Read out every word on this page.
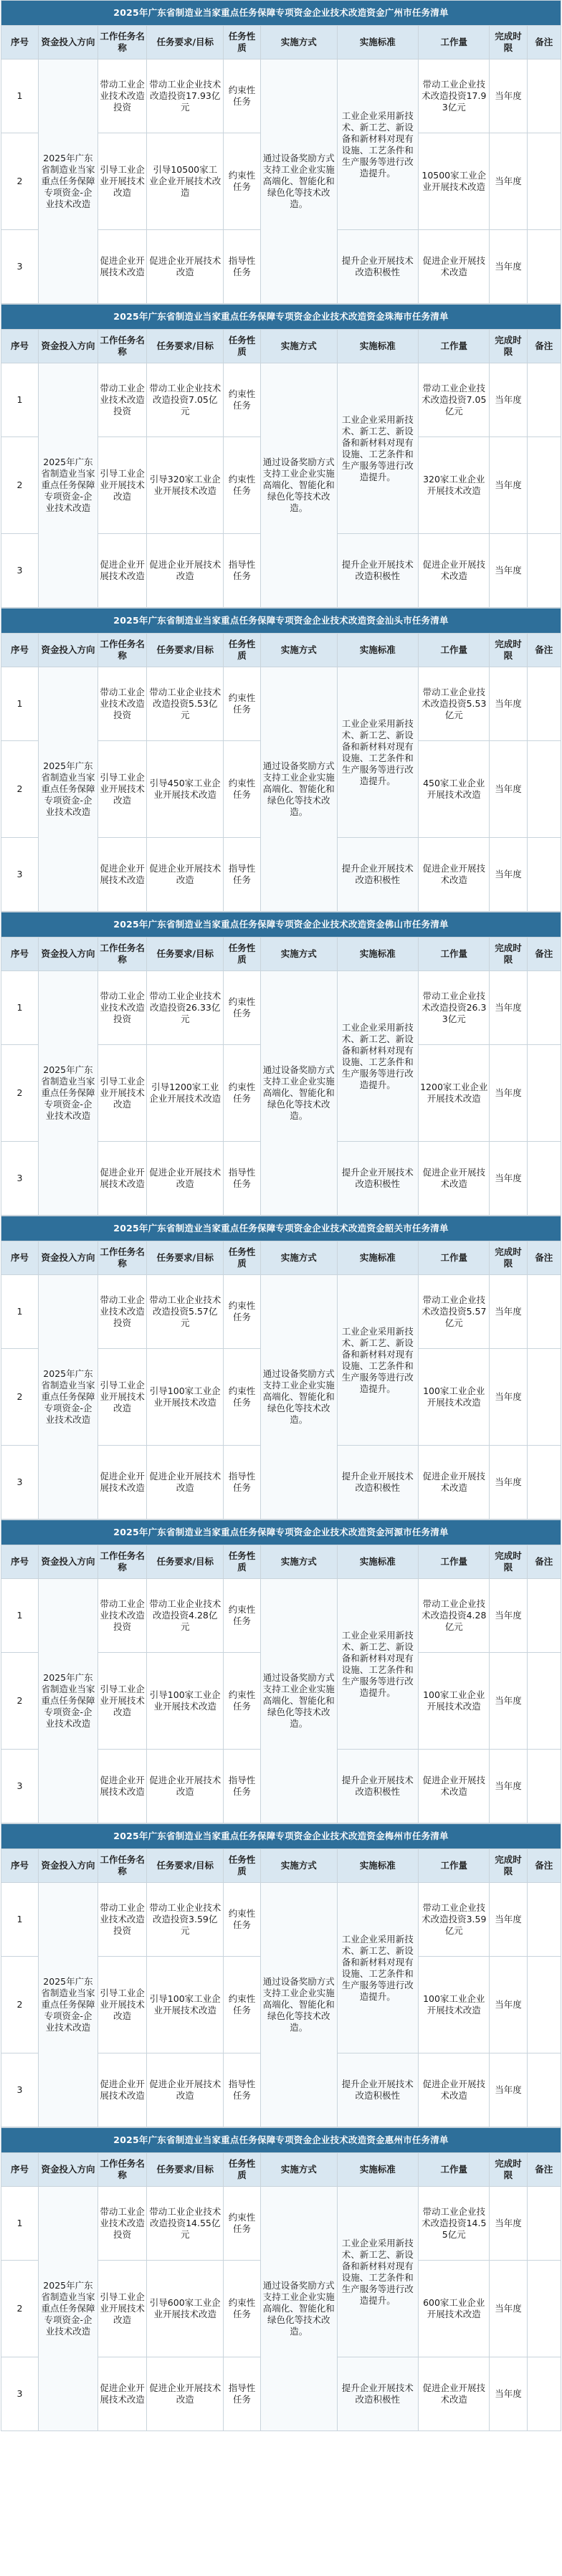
2025年广东省制造业当家重点任务保障专项资金企业技术改造资金广州市任务清单									
序号	资金投入方向	工作任务名称	任务要求/目标	任务性质	实施方式	实施标准	工作量	完成时限	备注
1	2025年广东省制造业当家重点任务保障专项资金-企业技术改造	带动工业企业技术改造投资	带动工业企业技术改造投资17.93亿元	约束性任务	通过设备奖励方式支持工业企业实施高端化、智能化和绿色化等技术改造。	工业企业采用新技术、新工艺、新设备和新材料对现有设施、工艺条件和生产服务等进行改造提升。	带动工业企业技术改造投资17.93亿元	当年度	
2		引导工业企业开展技术改造	引导10500家工业企业开展技术改造	约束性任务			10500家工业企业开展技术改造	当年度	
3		促进企业开展技术改造	促进企业开展技术改造	指导性任务		提升企业开展技术改造积极性	促进企业开展技术改造	当年度	
2025年广东省制造业当家重点任务保障专项资金企业技术改造资金珠海市任务清单									
序号	资金投入方向	工作任务名称	任务要求/目标	任务性质	实施方式	实施标准	工作量	完成时限	备注
1	2025年广东省制造业当家重点任务保障专项资金-企业技术改造	带动工业企业技术改造投资	带动工业企业技术改造投资7.05亿元	约束性任务	通过设备奖励方式支持工业企业实施高端化、智能化和绿色化等技术改造。	工业企业采用新技术、新工艺、新设备和新材料对现有设施、工艺条件和生产服务等进行改造提升。	带动工业企业技术改造投资7.05亿元	当年度	
2		引导工业企业开展技术改造	引导320家工业企业开展技术改造	约束性任务			320家工业企业开展技术改造	当年度	
3		促进企业开展技术改造	促进企业开展技术改造	指导性任务		提升企业开展技术改造积极性	促进企业开展技术改造	当年度	
2025年广东省制造业当家重点任务保障专项资金企业技术改造资金汕头市任务清单									
序号	资金投入方向	工作任务名称	任务要求/目标	任务性质	实施方式	实施标准	工作量	完成时限	备注
1	2025年广东省制造业当家重点任务保障专项资金-企业技术改造	带动工业企业技术改造投资	带动工业企业技术改造投资5.53亿元	约束性任务	通过设备奖励方式支持工业企业实施高端化、智能化和绿色化等技术改造。	工业企业采用新技术、新工艺、新设备和新材料对现有设施、工艺条件和生产服务等进行改造提升。	带动工业企业技术改造投资5.53亿元	当年度	
2		引导工业企业开展技术改造	引导450家工业企业开展技术改造	约束性任务			450家工业企业开展技术改造	当年度	
3		促进企业开展技术改造	促进企业开展技术改造	指导性任务		提升企业开展技术改造积极性	促进企业开展技术改造	当年度	
2025年广东省制造业当家重点任务保障专项资金企业技术改造资金佛山市任务清单									
序号	资金投入方向	工作任务名称	任务要求/目标	任务性质	实施方式	实施标准	工作量	完成时限	备注
1	2025年广东省制造业当家重点任务保障专项资金-企业技术改造	带动工业企业技术改造投资	带动工业企业技术改造投资26.33亿元	约束性任务	通过设备奖励方式支持工业企业实施高端化、智能化和绿色化等技术改造。	工业企业采用新技术、新工艺、新设备和新材料对现有设施、工艺条件和生产服务等进行改造提升。	带动工业企业技术改造投资26.33亿元	当年度	
2		引导工业企业开展技术改造	引导1200家工业企业开展技术改造	约束性任务			1200家工业企业开展技术改造	当年度	
3		促进企业开展技术改造	促进企业开展技术改造	指导性任务		提升企业开展技术改造积极性	促进企业开展技术改造	当年度	
2025年广东省制造业当家重点任务保障专项资金企业技术改造资金韶关市任务清单									
序号	资金投入方向	工作任务名称	任务要求/目标	任务性质	实施方式	实施标准	工作量	完成时限	备注
1	2025年广东省制造业当家重点任务保障专项资金-企业技术改造	带动工业企业技术改造投资	带动工业企业技术改造投资5.57亿元	约束性任务	通过设备奖励方式支持工业企业实施高端化、智能化和绿色化等技术改造。	工业企业采用新技术、新工艺、新设备和新材料对现有设施、工艺条件和生产服务等进行改造提升。	带动工业企业技术改造投资5.57亿元	当年度	
2		引导工业企业开展技术改造	引导100家工业企业开展技术改造	约束性任务			100家工业企业开展技术改造	当年度	
3		促进企业开展技术改造	促进企业开展技术改造	指导性任务		提升企业开展技术改造积极性	促进企业开展技术改造	当年度	
2025年广东省制造业当家重点任务保障专项资金企业技术改造资金河源市任务清单									
序号	资金投入方向	工作任务名称	任务要求/目标	任务性质	实施方式	实施标准	工作量	完成时限	备注
1	2025年广东省制造业当家重点任务保障专项资金-企业技术改造	带动工业企业技术改造投资	带动工业企业技术改造投资4.28亿元	约束性任务	通过设备奖励方式支持工业企业实施高端化、智能化和绿色化等技术改造。	工业企业采用新技术、新工艺、新设备和新材料对现有设施、工艺条件和生产服务等进行改造提升。	带动工业企业技术改造投资4.28亿元	当年度	
2		引导工业企业开展技术改造	引导100家工业企业开展技术改造	约束性任务			100家工业企业开展技术改造	当年度	
3		促进企业开展技术改造	促进企业开展技术改造	指导性任务		提升企业开展技术改造积极性	促进企业开展技术改造	当年度	
2025年广东省制造业当家重点任务保障专项资金企业技术改造资金梅州市任务清单									
序号	资金投入方向	工作任务名称	任务要求/目标	任务性质	实施方式	实施标准	工作量	完成时限	备注
1	2025年广东省制造业当家重点任务保障专项资金-企业技术改造	带动工业企业技术改造投资	带动工业企业技术改造投资3.59亿元	约束性任务	通过设备奖励方式支持工业企业实施高端化、智能化和绿色化等技术改造。	工业企业采用新技术、新工艺、新设备和新材料对现有设施、工艺条件和生产服务等进行改造提升。	带动工业企业技术改造投资3.59亿元	当年度	
2		引导工业企业开展技术改造	引导100家工业企业开展技术改造	约束性任务			100家工业企业开展技术改造	当年度	
3		促进企业开展技术改造	促进企业开展技术改造	指导性任务		提升企业开展技术改造积极性	促进企业开展技术改造	当年度	
2025年广东省制造业当家重点任务保障专项资金企业技术改造资金惠州市任务清单									
序号	资金投入方向	工作任务名称	任务要求/目标	任务性质	实施方式	实施标准	工作量	完成时限	备注
1	2025年广东省制造业当家重点任务保障专项资金-企业技术改造	带动工业企业技术改造投资	带动工业企业技术改造投资14.55亿元	约束性任务	通过设备奖励方式支持工业企业实施高端化、智能化和绿色化等技术改造。	工业企业采用新技术、新工艺、新设备和新材料对现有设施、工艺条件和生产服务等进行改造提升。	带动工业企业技术改造投资14.55亿元	当年度	
2		引导工业企业开展技术改造	引导600家工业企业开展技术改造	约束性任务			600家工业企业开展技术改造	当年度	
3		促进企业开展技术改造	促进企业开展技术改造	指导性任务		提升企业开展技术改造积极性	促进企业开展技术改造	当年度	
